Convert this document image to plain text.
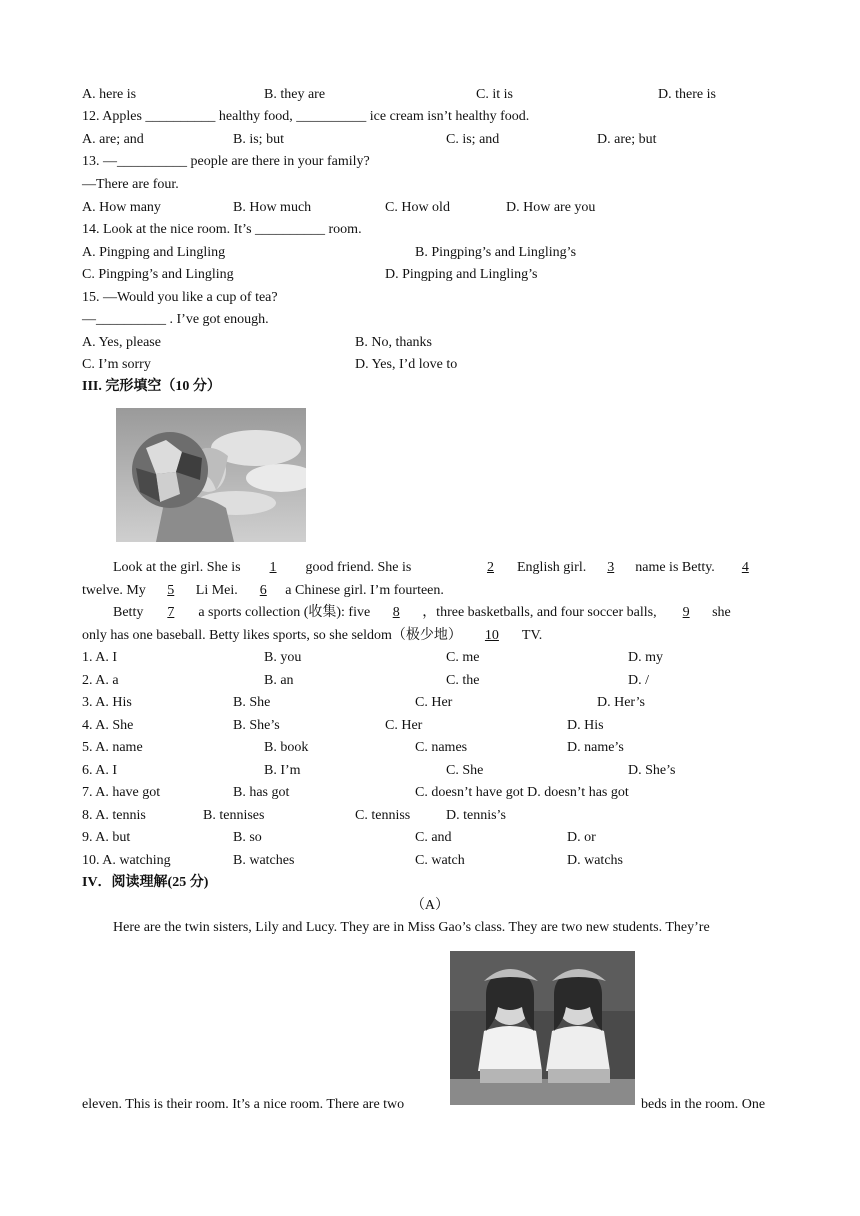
A. here is	B. they are	C. it is	D. there is
12. Apples __________ healthy food, __________ ice cream isn’t healthy food.
A. are; and	B. is; but	C. is; and	D. are; but
13. —__________ people are there in your family?
—There are four.
A. How many	B. How much	C. How old	D. How are you
14. Look at the nice room. It’s __________ room.
A. Pingping and Lingling	B. Pingping’s and Lingling’s
C. Pingping’s and Lingling	D. Pingping and Lingling’s
15. —Would you like a cup of tea?
—__________ . I’ve got enough.
A. Yes, please	B. No, thanks
C. I’m sorry	D. Yes, I’d love to
III. 完形填空（10 分）
Look at the girl. She is 1 good friend. She is	2 English girl. 3 name is Betty. 4
twelve. My 5 Li Mei. 6 a Chinese girl. I’m fourteen.
Betty 7 a sports collection (收集): five 8 ，three basketballs, and four soccer balls, 9 she
only has one baseball. Betty likes sports, so she seldom（极少地） 10 TV.
1. A. I	B. you	C. me	D. my
2. A. a	B. an	C. the	D. /
3. A. His	B. She	C. Her	D. Her’s
4. A. She	B. She’s	C. Her	D. His
5. A. name	B. book	C. names	D. name’s
6. A. I	B. I’m	C. She	D. She’s
7. A. have got	B. has got	C. doesn’t have got D. doesn’t has got
8. A. tennis	B. tennises	C. tenniss	D. tennis’s
9. A. but	B. so	C. and	D. or
10. A. watching	B. watches	C. watch	D. watchs
IV．阅读理解(25 分)
（A）
Here are the twin sisters, Lily and Lucy. They are in Miss Gao’s class. They are two new students. They’re
eleven. This is their room. It’s a nice room. There are two	beds in the room. One
